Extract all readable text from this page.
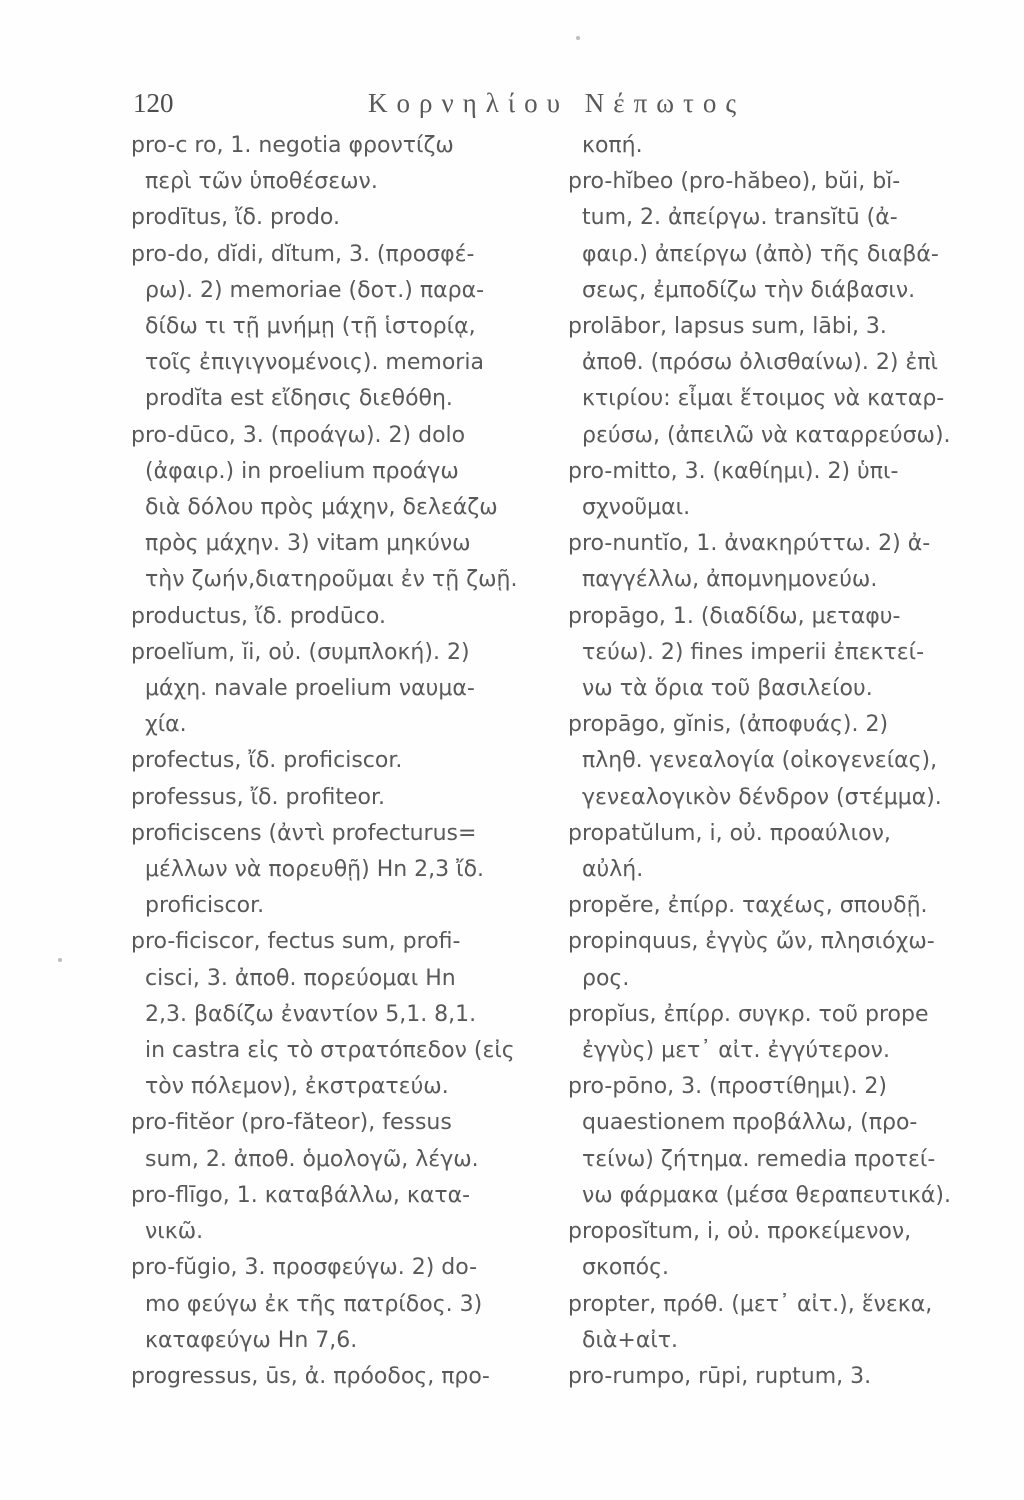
120	Κορνηλίου Νέπωτος
pro-c ro, 1. negotia φροντίζω
περὶ τῶν ὑποθέσεων.
prodītus, ἴδ. prodo.
pro-do, dĭdi, dĭtum, 3. (προσφέ-
ρω). 2) memoriae (δοτ.) παρα-
δίδω τι τῇ μνήμῃ (τῇ ἱστορίᾳ,
τοῖς ἐπιγιγνομένοις). memoria
prodĭta est εἴδησις διεθόθη.
pro-dūco, 3. (προάγω). 2) dolo
(ἀφαιρ.) in proelium προάγω
διὰ δόλου πρὸς μάχην, δελεάζω
πρὸς μάχην. 3) vitam μηκύνω
τὴν ζωήν,διατηροῦμαι ἐν τῇ ζωῇ.
productus, ἴδ. prodūco.
proelĭum, ĭi, οὐ. (συμπλοκή). 2)
μάχη. navale proelium ναυμα-
χία.
profectus, ἴδ. proficiscor.
professus, ἴδ. profiteor.
proficiscens (ἀντὶ profecturus=
μέλλων νὰ πορευθῇ) Hn 2,3 ἴδ.
proficiscor.
pro-ficiscor, fectus sum, profi-
cisci, 3. ἀποθ. πορεύομαι Hn
2,3. βαδίζω ἐναντίον 5,1. 8,1.
in castra εἰς τὸ στρατόπεδον (εἰς
τὸν πόλεμον), ἐκστρατεύω.
pro-fitĕor (pro-făteor), fessus
sum, 2. ἀποθ. ὁμολογῶ, λέγω.
pro-flīgo, 1. καταβάλλω, κατα-
νικῶ.
pro-fŭgio, 3. προσφεύγω. 2) do-
mo φεύγω ἐκ τῆς πατρίδος. 3)
καταφεύγω Hn 7,6.
progressus, ūs, ἀ. πρόοδος, προ-
κοπή.
pro-hĭbeo (pro-hăbeo), bŭi, bĭ-
tum, 2. ἀπείργω. transĭtū (ἀ-
φαιρ.) ἀπείργω (ἀπὸ) τῆς διαβά-
σεως, ἐμποδίζω τὴν διάβασιν.
prolābor, lapsus sum, lābi, 3.
ἀποθ. (πρόσω ὀλισθαίνω). 2) ἐπὶ
κτιρίου: εἶμαι ἕτοιμος νὰ καταρ-
ρεύσω, (ἀπειλῶ νὰ καταρρεύσω).
pro-mitto, 3. (καθίημι). 2) ὑπι-
σχνοῦμαι.
pro-nuntĭo, 1. ἀνακηρύττω. 2) ἀ-
παγγέλλω, ἀπομνημονεύω.
propāgo, 1. (διαδίδω, μεταφυ-
τεύω). 2) fines imperii ἐπεκτεί-
νω τὰ ὅρια τοῦ βασιλείου.
propāgo, gĭnis, (ἀποφυάς). 2)
πληθ. γενεαλογία (οἰκογενείας),
γενεαλογικὸν δένδρον (στέμμα).
propatŭlum, i, οὐ. προαύλιον,
αὐλή.
propĕre, ἐπίρρ. ταχέως, σπουδῇ.
propinquus, ἐγγὺς ὤν, πλησιόχω-
ρος.
propĭus, ἐπίρρ. συγκρ. τοῦ prope
ἐγγὺς) μετ᾿ αἰτ. ἐγγύτερον.
pro-pōno, 3. (προστίθημι). 2)
quaestionem προβάλλω, (προ-
τείνω) ζήτημα. remedia προτεί-
νω φάρμακα (μέσα θεραπευτικά).
proposĭtum, i, οὐ. προκείμενον,
σκοπός.
propter, πρόθ. (μετ᾿ αἰτ.), ἕνεκα,
διὰ+αἰτ.
pro-rumpo, rūpi, ruptum, 3.
